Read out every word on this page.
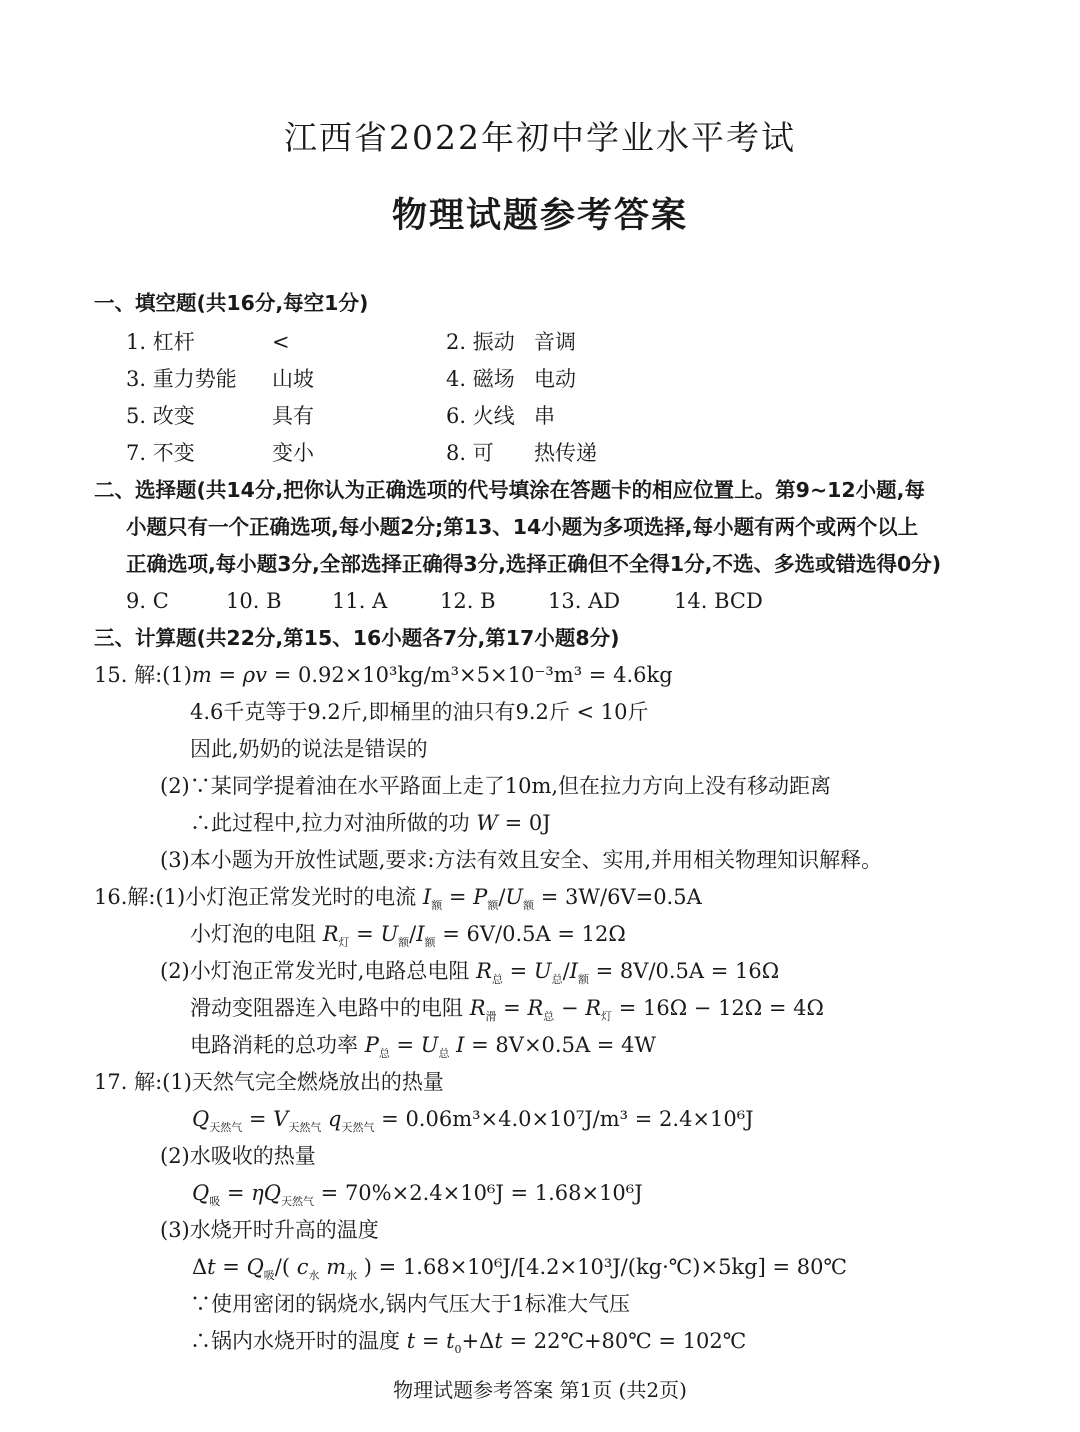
江西省2022年初中学业水平考试
物理试题参考答案
一、填空题(共16分,每空1分)
1. 杠杆	<	2. 振动 音调
3. 重力势能 山坡	4. 磁场 电动
5. 改变	具有	6. 火线 串
7. 不变	变小	8. 可 热传递
二、选择题(共14分,把你认为正确选项的代号填涂在答题卡的相应位置上。第9~12小题,每
小题只有一个正确选项,每小题2分;第13、14小题为多项选择,每小题有两个或两个以上
正确选项,每小题3分,全部选择正确得3分,选择正确但不全得1分,不选、多选或错选得0分)
9. C	10. B 11. A	12. B 13. AD	14. BCD
三、计算题(共22分,第15、16小题各7分,第17小题8分)
15. 解:(1)m = ρv = 0.92×10³kg/m³×5×10⁻³m³ = 4.6kg
4.6千克等于9.2斤,即桶里的油只有9.2斤 < 10斤
因此,奶奶的说法是错误的
(2)∵某同学提着油在水平路面上走了10m,但在拉力方向上没有移动距离
∴此过程中,拉力对油所做的功 W = 0J
(3)本小题为开放性试题,要求:方法有效且安全、实用,并用相关物理知识解释。
16.解:(1)小灯泡正常发光时的电流 $I_额 = P_额/U_额 = 3W/6V=0.5A$
小灯泡的电阻 $R_灯 = U_额/I_额 = 6V/0.5A = 12\Omega$
(2)小灯泡正常发光时,电路总电阻 $R_总 = U_总/I_额 = 8V/0.5A = 16\Omega$
滑动变阻器连入电路中的电阻 $R_滑 = R_总 - R_灯 = 16\Omega - 12\Omega = 4\Omega$
电路消耗的总功率 $P_总 = U_总$ I = 8V×0.5A = 4W
17. 解:(1)天然气完全燃烧放出的热量
$Q_{天然气} = V_{天然气}$ $q_{天然气} = 0.06m^3\times 4.0\times 10^7J/m^3 = 2.4\times 10^6J$
(2)水吸收的热量
$Q_吸 = \eta Q_{天然气} = 70\%\times 2.4\times 10^6J = 1.68\times 10^6J$
(3)水烧开时升高的温度
$\Delta t = Q_吸/$( $c_水$ $m_水$ ) = 1.68×10⁶J/[4.2×10³J/(kg·℃)×5kg] = 80℃
∵使用密闭的锅烧水,锅内气压大于1标准大气压
∴锅内水烧开时的温度 $t = t_0+\Delta t$ = 22℃+80℃ = 102℃
物理试题参考答案 第1页 (共2页)
